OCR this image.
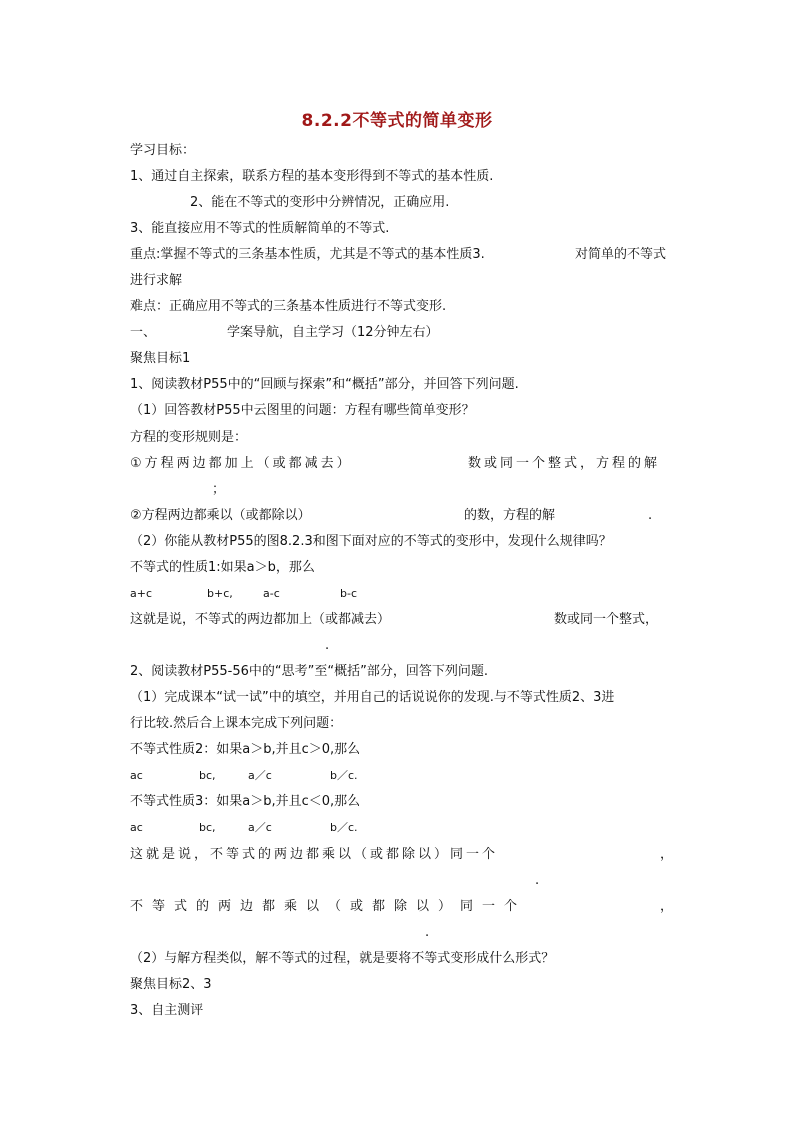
8.2.2不等式的简单变形
学习目标：
1、通过自主探索，联系方程的基本变形得到不等式的基本性质.
2、能在不等式的变形中分辨情况，正确应用.
3、能直接应用不等式的性质解简单的不等式.
重点:掌握不等式的三条基本性质，尤其是不等式的基本性质3.	对简单的不等式
进行求解
难点：正确应用不等式的三条基本性质进行不等式变形.
一、	学案导航，自主学习（12分钟左右）
聚焦目标1
1、阅读教材P55中的“回顾与探索”和“概括”部分，并回答下列问题.
（1）回答教材P55中云图里的问题：方程有哪些简单变形？
方程的变形规则是：
①方程两边都加上（或都减去）	数或同一个整式，方程的解
；
②方程两边都乘以（或都除以）	的数，方程的解	.
（2）你能从教材P55的图8.2.3和图下面对应的不等式的变形中，发现什么规律吗？
不等式的性质1:如果a＞b，那么
a+c	b+c,	a-c	b-c
这就是说，不等式的两边都加上（或都减去）	数或同一个整式，
.
2、阅读教材P55-56中的“思考”至“概括”部分，回答下列问题.
（1）完成课本“试一试”中的填空，并用自己的话说说你的发现.与不等式性质2、3进
行比较.然后合上课本完成下列问题：
不等式性质2：如果a＞b,并且c＞0,那么
ac	bc,	a／c	b／c.
不等式性质3：如果a＞b,并且c＜0,那么
ac	bc,	a／c	b／c.
这就是说，不等式的两边都乘以（或都除以）同一个	，
.
不等式的两边都乘以（或都除以）同一个	，
.
（2）与解方程类似，解不等式的过程，就是要将不等式变形成什么形式？
聚焦目标2、3
3、自主测评
